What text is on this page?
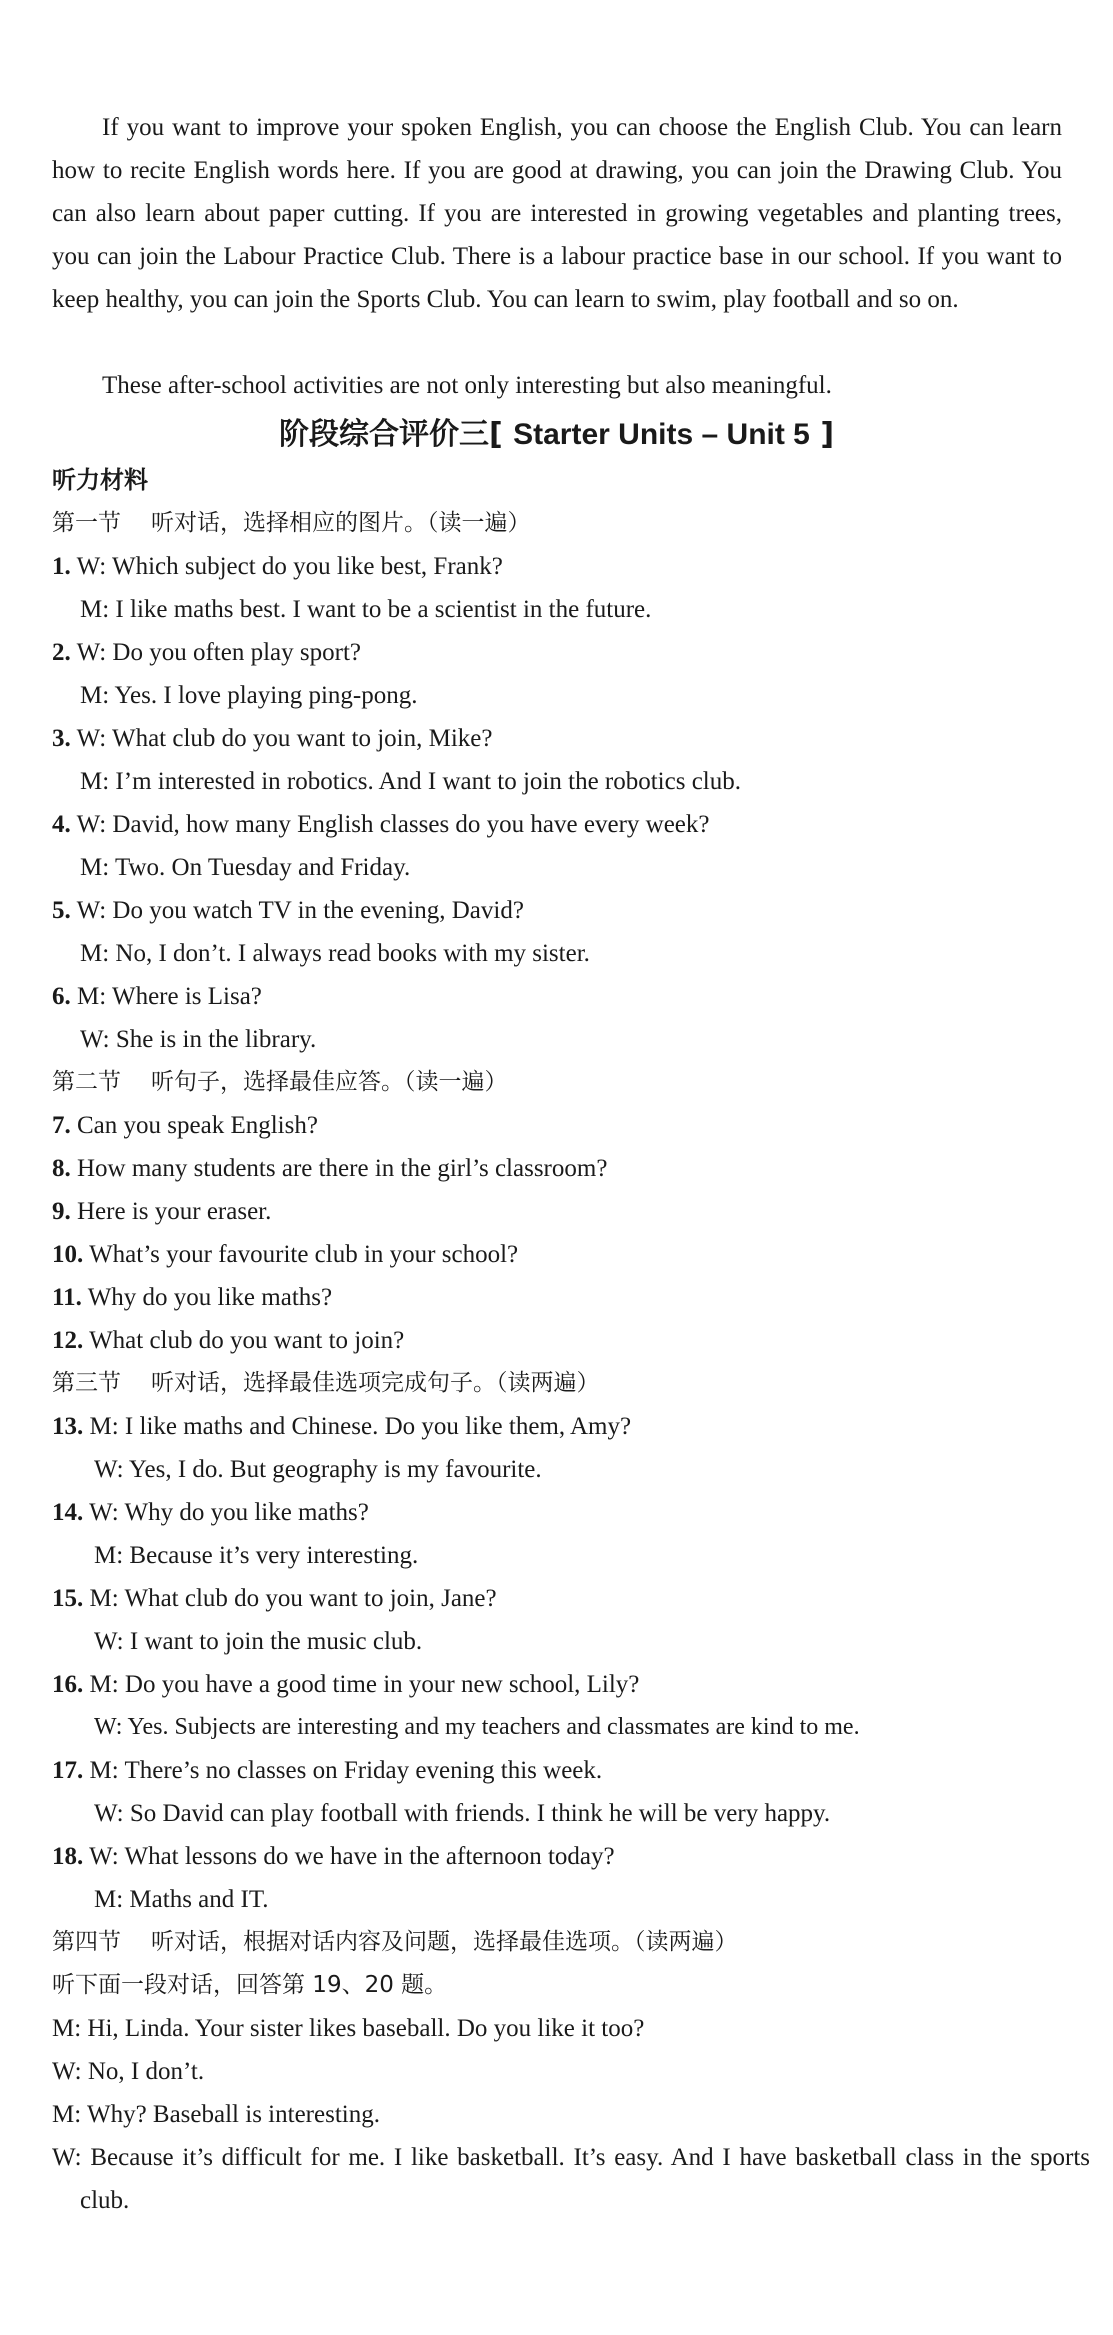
If you want to improve your spoken English, you can choose the English Club. You can learn how to recite English words here. If you are good at drawing, you can join the Drawing Club. You can also learn about paper cutting. If you are interested in growing vegetables and planting trees, you can join the Labour Practice Club. There is a labour practice base in our school. If you want to keep healthy, you can join the Sports Club. You can learn to swim, play football and so on.

These after-school activities are not only interesting but also meaningful.

阶段综合评价三[ Starter Units – Unit 5 ]
听力材料
第一节 听对话，选择相应的图片。（读一遍）
1. W: Which subject do you like best, Frank?
M: I like maths best. I want to be a scientist in the future.
2. W: Do you often play sport?
M: Yes. I love playing ping-pong.
3. W: What club do you want to join, Mike?
M: I’m interested in robotics. And I want to join the robotics club.
4. W: David, how many English classes do you have every week?
M: Two. On Tuesday and Friday.
5. W: Do you watch TV in the evening, David?
M: No, I don’t. I always read books with my sister.
6. M: Where is Lisa?
W: She is in the library.
第二节 听句子，选择最佳应答。（读一遍）
7. Can you speak English?
8. How many students are there in the girl’s classroom?
9. Here is your eraser.
10. What’s your favourite club in your school?
11. Why do you like maths?
12. What club do you want to join?
第三节 听对话，选择最佳选项完成句子。（读两遍）
13. M: I like maths and Chinese. Do you like them, Amy?
W: Yes, I do. But geography is my favourite.
14. W: Why do you like maths?
M: Because it’s very interesting.
15. M: What club do you want to join, Jane?
W: I want to join the music club.
16. M: Do you have a good time in your new school, Lily?
W: Yes. Subjects are interesting and my teachers and classmates are kind to me.
17. M: There’s no classes on Friday evening this week.
W: So David can play football with friends. I think he will be very happy.
18. W: What lessons do we have in the afternoon today?
M: Maths and IT.
第四节 听对话，根据对话内容及问题，选择最佳选项。（读两遍）
听下面一段对话，回答第 19、20 题。
M: Hi, Linda. Your sister likes baseball. Do you like it too?
W: No, I don’t.
M: Why? Baseball is interesting.

W: Because it’s difficult for me. I like basketball. It’s easy. And I have basketball class in the sports club.
